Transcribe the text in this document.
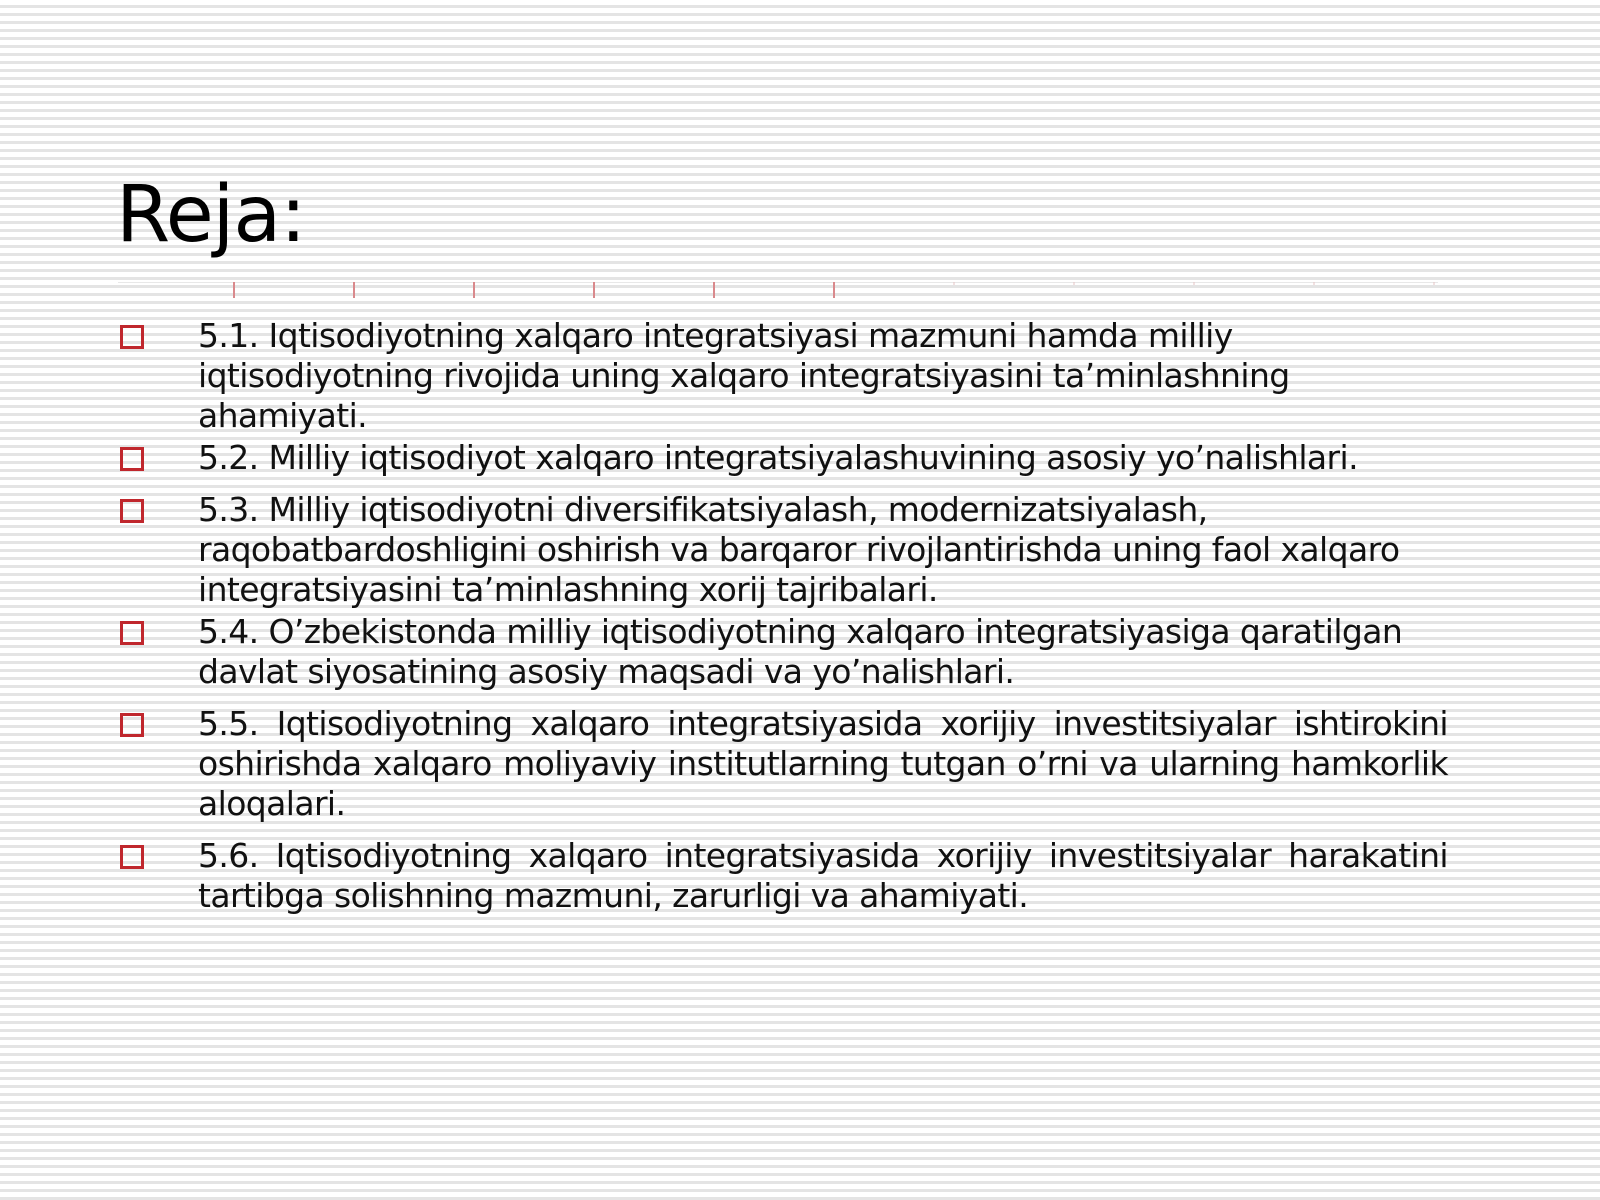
Reja:
5.1. Iqtisodiyotning xalqaro integratsiyasi mazmuni hamda milliy iqtisodiyotning rivojida uning xalqaro integratsiyasini ta’minlashning ahamiyati.
5.2. Milliy iqtisodiyot xalqaro integratsiyalashuvining asosiy yo’nalishlari.
5.3. Milliy iqtisodiyotni diversifikatsiyalash, modernizatsiyalash, raqobatbardoshligini oshirish va barqaror rivojlantirishda uning faol xalqaro integratsiyasini ta’minlashning xorij tajribalari.
5.4. O’zbekistonda milliy iqtisodiyotning xalqaro integratsiyasiga qaratilgan davlat siyosatining asosiy maqsadi va yo’nalishlari.
5.5. Iqtisodiyotning xalqaro integratsiyasida xorijiy investitsiyalar ishtirokini oshirishda xalqaro moliyaviy institutlarning tutgan o’rni va ularning hamkorlik aloqalari.
5.6. Iqtisodiyotning xalqaro integratsiyasida xorijiy investitsiyalar harakatini tartibga solishning mazmuni, zarurligi va ahamiyati.
